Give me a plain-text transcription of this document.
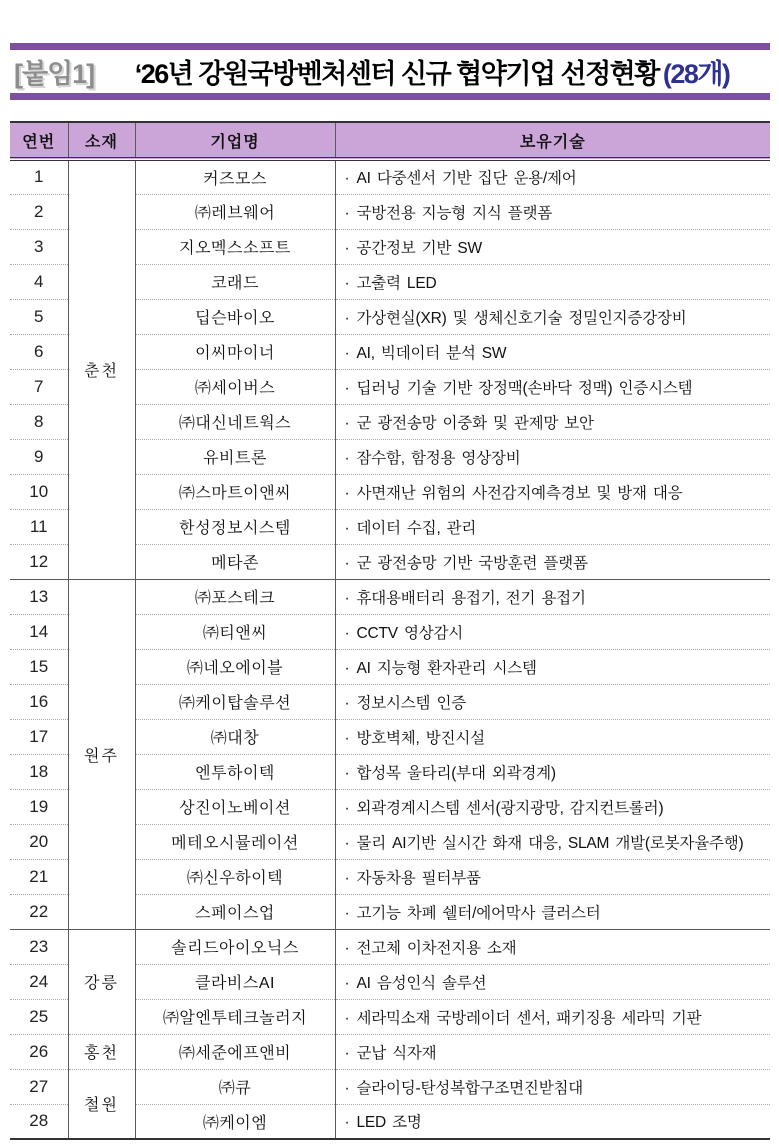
[붙임1]	‘26년 강원국방벤처센터 신규 협약기업 선정현황 (28개)
연번	소재	기업명	보유기술
1	춘천	커즈모스	· AI 다중센서 기반 집단 운용/제어
2		㈜레브웨어	· 국방전용 지능형 지식 플랫폼
3		지오멕스소프트	· 공간정보 기반 SW
4		코래드	· 고출력 LED
5		딥슨바이오	· 가상현실(XR) 및 생체신호기술 정밀인지증강장비
6		이씨마이너	· AI, 빅데이터 분석 SW
7		㈜세이버스	· 딥러닝 기술 기반 장정맥(손바닥 정맥) 인증시스템
8		㈜대신네트웍스	· 군 광전송망 이중화 및 관제망 보안
9		유비트론	· 잠수함, 함정용 영상장비
10		㈜스마트이앤씨	· 사면재난 위험의 사전감지예측경보 및 방재 대응
11		한성정보시스템	· 데이터 수집, 관리
12		메타존	· 군 광전송망 기반 국방훈련 플랫폼
13	원주	㈜포스테크	· 휴대용배터리 용접기, 전기 용접기
14		㈜티앤씨	· CCTV 영상감시
15		㈜네오에이블	· AI 지능형 환자관리 시스템
16		㈜케이탑솔루션	· 정보시스템 인증
17		㈜대창	· 방호벽체, 방진시설
18		엔투하이텍	· 합성목 울타리(부대 외곽경계)
19		상진이노베이션	· 외곽경계시스템 센서(광지광망, 감지컨트롤러)
20		메테오시뮬레이션	· 물리 AI기반 실시간 화재 대응, SLAM 개발(로봇자율주행)
21		㈜신우하이텍	· 자동차용 필터부품
22		스페이스업	· 고기능 차폐 쉘터/에어막사 클러스터
23	강릉	솔리드아이오닉스	· 전고체 이차전지용 소재
24		클라비스AI	· AI 음성인식 솔루션
25		㈜알엔투테크놀러지	· 세라믹소재 국방레이더 센서, 패키징용 세라믹 기판
26	홍천	㈜세준에프앤비	· 군납 식자재
27	철원	㈜큐	· 슬라이딩-탄성복합구조면진받침대
28		㈜케이엠	· LED 조명
